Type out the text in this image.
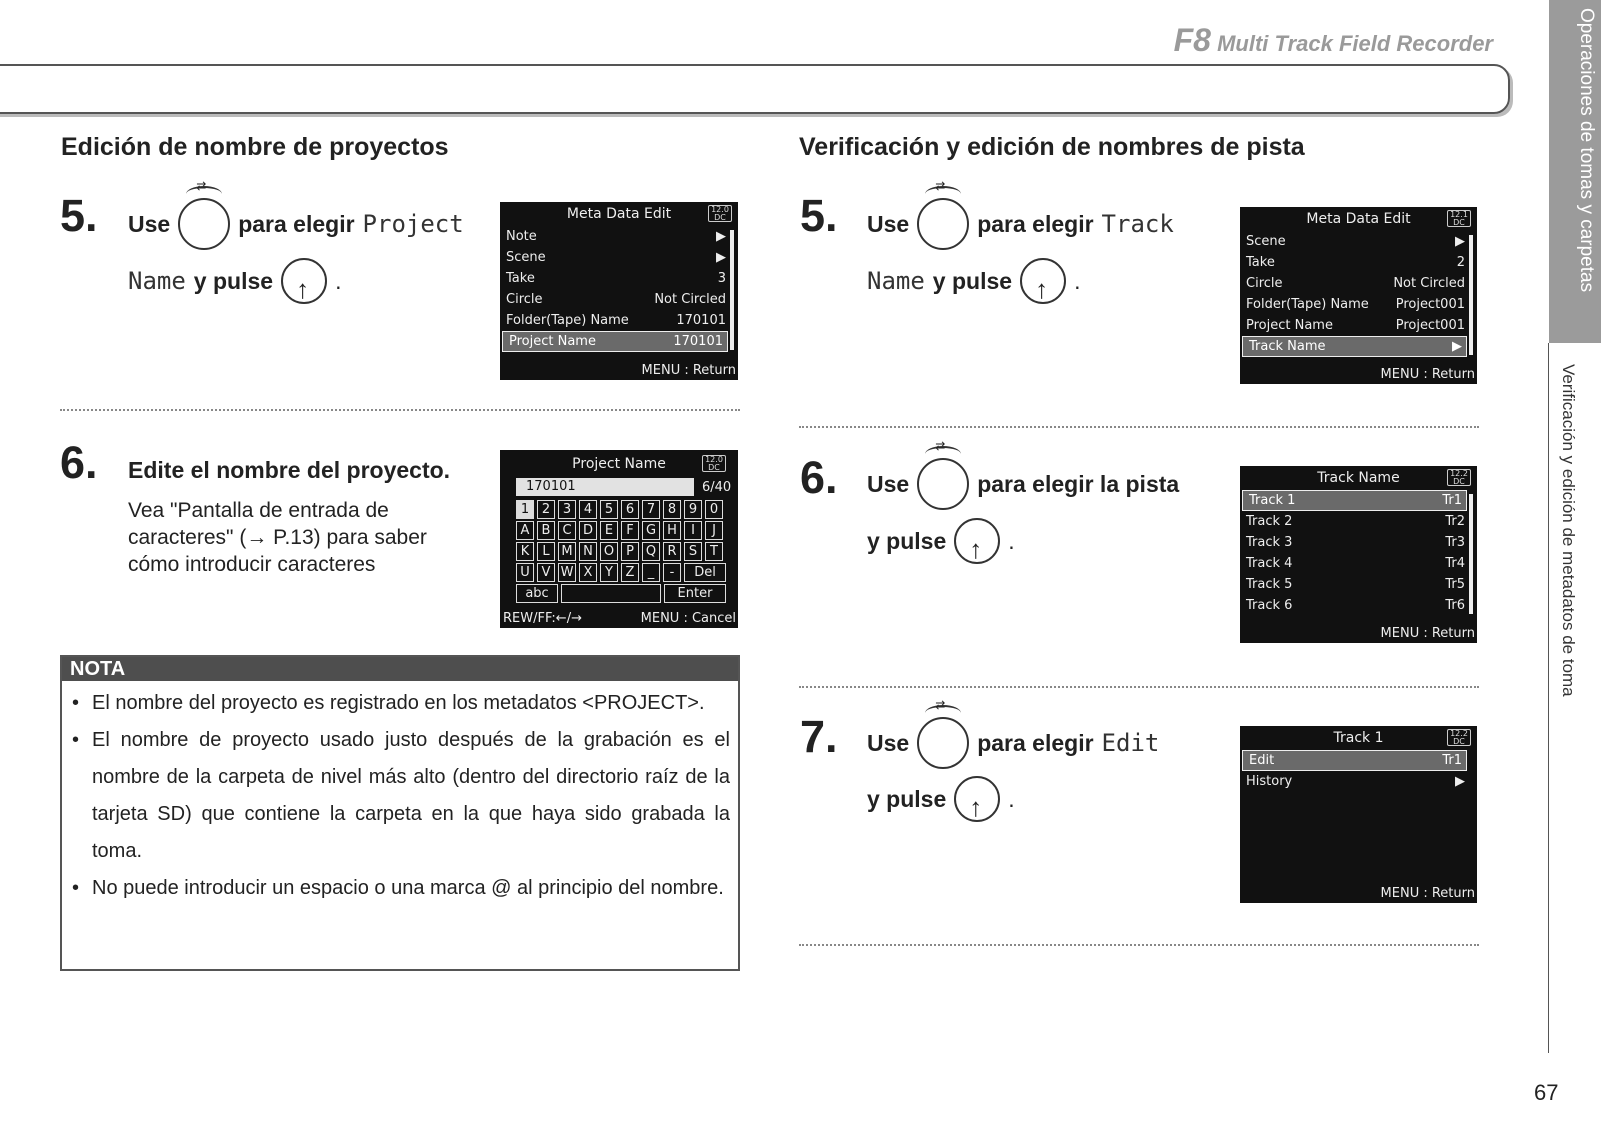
F8 Multi Track Field Recorder	Operaciones de tomas y carpetas
Verificación y edición de metadatos de toma
67
Edición de nombre de proyectos
5. Use ⇄	para elegir Project
Name y pulse ↑ .
Meta Data Edit	12.0 DC
Note	▶
Scene	▶
Take	3
Circle	Not Circled
Folder(Tape) Name	170101
Project Name	170101
MENU : Return
6. Edite el nombre del proyecto.
Vea "Pantalla de entrada de caracteres" (→ P.13) para saber cómo introducir caracteres
Project Name	12.0 DC
170101	6/40
1 2 3 4 5 6 7 8 9 0
A B C D E	F G H	I	J
K	L M N O P Q R S T
U V W X Y Z	_	-	Del
abc	Enter
REW/FF:←/→	MENU : Cancel
NOTA
• El nombre del proyecto es registrado en los metadatos <PROJECT>.
• El nombre de proyecto usado justo después de la grabación es el nombre de la carpeta de nivel más alto (dentro del directorio raíz de la tarjeta SD) que contiene la carpeta en la que haya sido grabada la toma.
• No puede introducir un espacio o una marca @ al principio del nombre.
Verificación y edición de nombres de pista
5. Use ⇄	para elegir Track
Name y pulse ↑ .
Meta Data Edit	12.1 DC
Scene	▶
Take	2
Circle	Not Circled
Folder(Tape) Name Project001
Project Name	Project001
Track Name	▶
MENU : Return
6. Use ⇄	para elegir la pista
y pulse ↑ .
Track Name	12.2 DC
Track 1	Tr1
Track 2	Tr2
Track 3	Tr3
Track 4	Tr4
Track 5	Tr5
Track 6	Tr6
MENU : Return
7. Use ⇄	para elegir Edit
y pulse ↑ .
Track 1	12.2 DC
Edit	Tr1
History	▶
MENU : Return
